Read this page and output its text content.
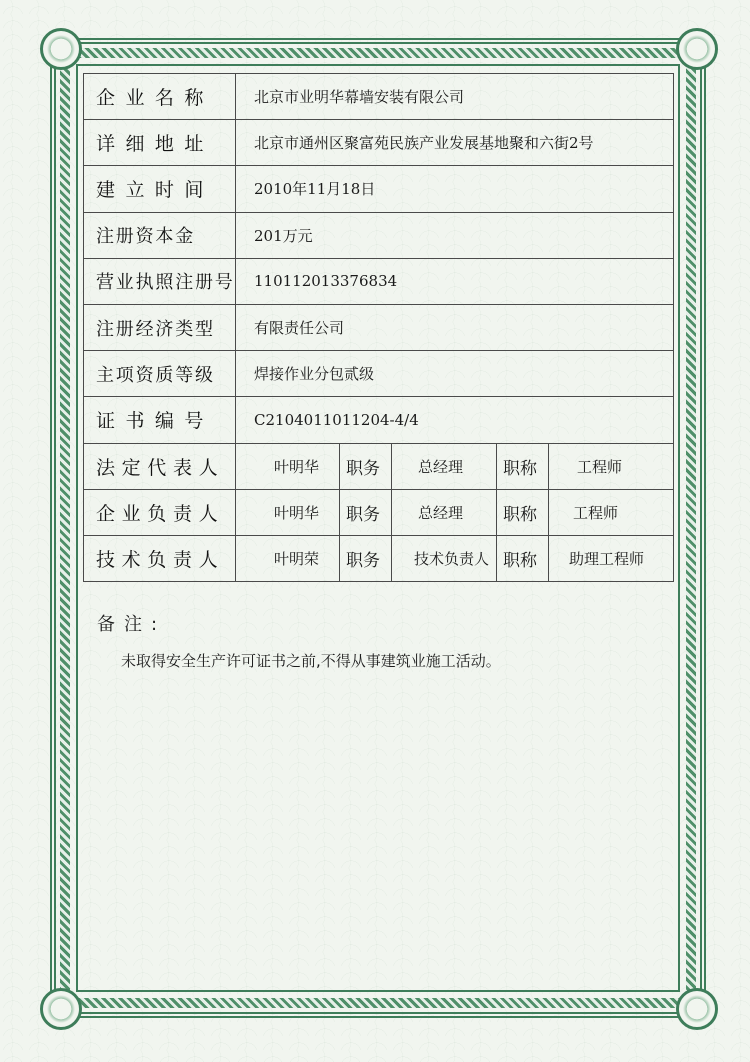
企业名称	北京市业明华幕墙安装有限公司				
详细地址	北京市通州区聚富苑民族产业发展基地聚和六街2号				
建立时间	2010年11月18日				
注册资本金	201万元				
营业执照注册号	110112013376834				
注册经济类型	有限责任公司				
主项资质等级	焊接作业分包贰级				
证书编号	C2104011011204-4/4				
法定代表人	叶明华	职务	总经理	职称	工程师
企业负责人	叶明华	职务	总经理	职称	工程师
技术负责人	叶明荣	职务	技术负责人	职称	助理工程师
备注:
未取得安全生产许可证书之前,不得从事建筑业施工活动。
